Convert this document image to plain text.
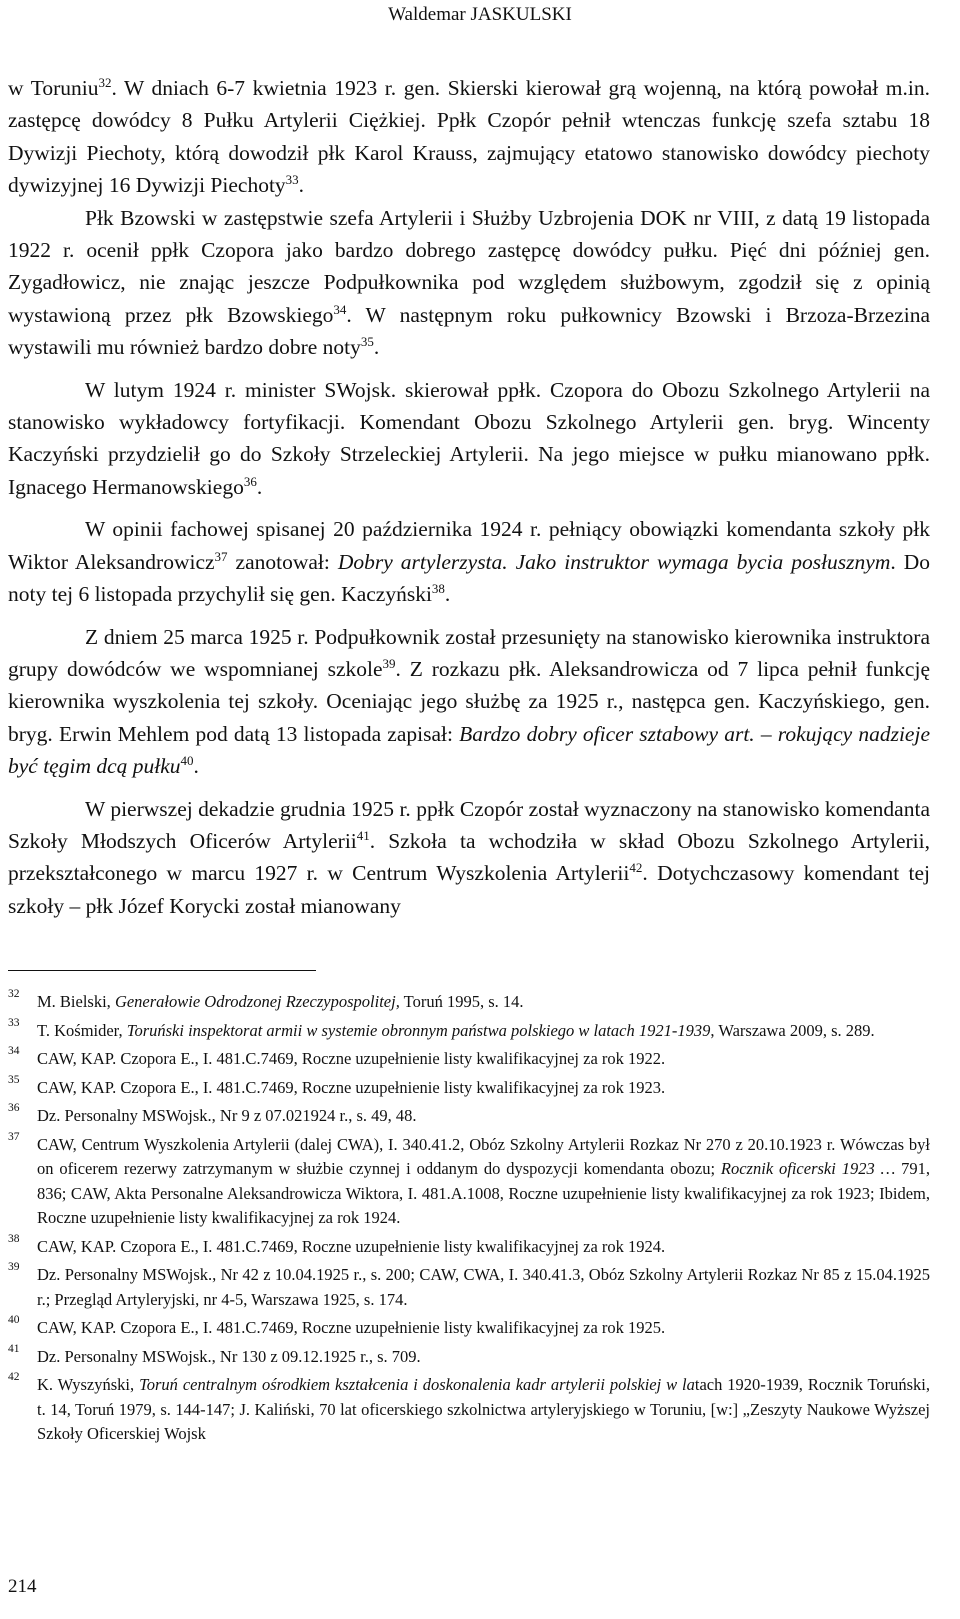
Waldemar JASKULSKI

w Toruniu$^{32}$. W dniach 6-7 kwietnia 1923 r. gen. Skierski kierował grą wojenną, na którą powołał m.in. zastępcę dowódcy 8 Pułku Artylerii Ciężkiej. Ppłk Czopór pełnił wtenczas funkcję szefa sztabu 18 Dywizji Piechoty, którą dowodził płk Karol Krauss, zajmujący etatowo stanowisko dowódcy piechoty dywizyjnej 16 Dywizji Piechoty$^{33}$.

Płk Bzowski w zastępstwie szefa Artylerii i Służby Uzbrojenia DOK nr VIII, z datą 19 listopada 1922 r. ocenił ppłk Czopora jako bardzo dobrego zastępcę dowódcy pułku. Pięć dni później gen. Zygadłowicz, nie znając jeszcze Podpułkownika pod względem służbowym, zgodził się z opinią wystawioną przez płk Bzowskiego$^{34}$. W następnym roku pułkownicy Bzowski i Brzoza-Brzezina wystawili mu również bardzo dobre noty$^{35}$.

W lutym 1924 r. minister SWojsk. skierował ppłk. Czopora do Obozu Szkolnego Artylerii na stanowisko wykładowcy fortyfikacji. Komendant Obozu Szkolnego Artylerii gen. bryg. Wincenty Kaczyński przydzielił go do Szkoły Strzeleckiej Artylerii. Na jego miejsce w pułku mianowano ppłk. Ignacego Hermanowskiego$^{36}$.

W opinii fachowej spisanej 20 października 1924 r. pełniący obowiązki komendanta szkoły płk Wiktor Aleksandrowicz$^{37}$ zanotował: Dobry artylerzysta. Jako instruktor wymaga bycia posłusznym. Do noty tej 6 listopada przychylił się gen. Kaczyński$^{38}$.

Z dniem 25 marca 1925 r. Podpułkownik został przesunięty na stanowisko kierownika instruktora grupy dowódców we wspomnianej szkole$^{39}$. Z rozkazu płk. Aleksandrowicza od 7 lipca pełnił funkcję kierownika wyszkolenia tej szkoły. Oceniając jego służbę za 1925 r., następca gen. Kaczyńskiego, gen. bryg. Erwin Mehlem pod datą 13 listopada zapisał: Bardzo dobry oficer sztabowy art. – rokujący nadzieje być tęgim dcą pułku$^{40}$.

W pierwszej dekadzie grudnia 1925 r. ppłk Czopór został wyznaczony na stanowisko komendanta Szkoły Młodszych Oficerów Artylerii$^{41}$. Szkoła ta wchodziła w skład Obozu Szkolnego Artylerii, przekształconego w marcu 1927 r. w Centrum Wyszkolenia Artylerii$^{42}$. Dotychczasowy komendant tej szkoły – płk Józef Korycki został mianowany

32 M. Bielski, Generałowie Odrodzonej Rzeczypospolitej, Toruń 1995, s. 14.
33 T. Kośmider, Toruński inspektorat armii w systemie obronnym państwa polskiego w latach 1921-1939, Warszawa 2009, s. 289.
34 CAW, KAP. Czopora E., I. 481.C.7469, Roczne uzupełnienie listy kwalifikacyjnej za rok 1922.
35 CAW, KAP. Czopora E., I. 481.C.7469, Roczne uzupełnienie listy kwalifikacyjnej za rok 1923.
36 Dz. Personalny MSWojsk., Nr 9 z 07.021924 r., s. 49, 48.
37 CAW, Centrum Wyszkolenia Artylerii (dalej CWA), I. 340.41.2, Obóz Szkolny Artylerii Rozkaz Nr 270 z 20.10.1923 r. Wówczas był on oficerem rezerwy zatrzymanym w służbie czynnej i oddanym do dyspozycji komendanta obozu; Rocznik oficerski 1923 … 791, 836; CAW, Akta Personalne Aleksandrowicza Wiktora, I. 481.A.1008, Roczne uzupełnienie listy kwalifikacyjnej za rok 1923; Ibidem, Roczne uzupełnienie listy kwalifikacyjnej za rok 1924.
38 CAW, KAP. Czopora E., I. 481.C.7469, Roczne uzupełnienie listy kwalifikacyjnej za rok 1924.
39 Dz. Personalny MSWojsk., Nr 42 z 10.04.1925 r., s. 200; CAW, CWA, I. 340.41.3, Obóz Szkolny Artylerii Rozkaz Nr 85 z 15.04.1925 r.; Przegląd Artyleryjski, nr 4-5, Warszawa 1925, s. 174.
40 CAW, KAP. Czopora E., I. 481.C.7469, Roczne uzupełnienie listy kwalifikacyjnej za rok 1925.
41 Dz. Personalny MSWojsk., Nr 130 z 09.12.1925 r., s. 709.
42 K. Wyszyński, Toruń centralnym ośrodkiem kształcenia i doskonalenia kadr artylerii polskiej w latach 1920-1939, Rocznik Toruński, t. 14, Toruń 1979, s. 144-147; J. Kaliński, 70 lat oficerskiego szkolnictwa artyleryjskiego w Toruniu, [w:] „Zeszyty Naukowe Wyższej Szkoły Oficerskiej Wojsk
214
